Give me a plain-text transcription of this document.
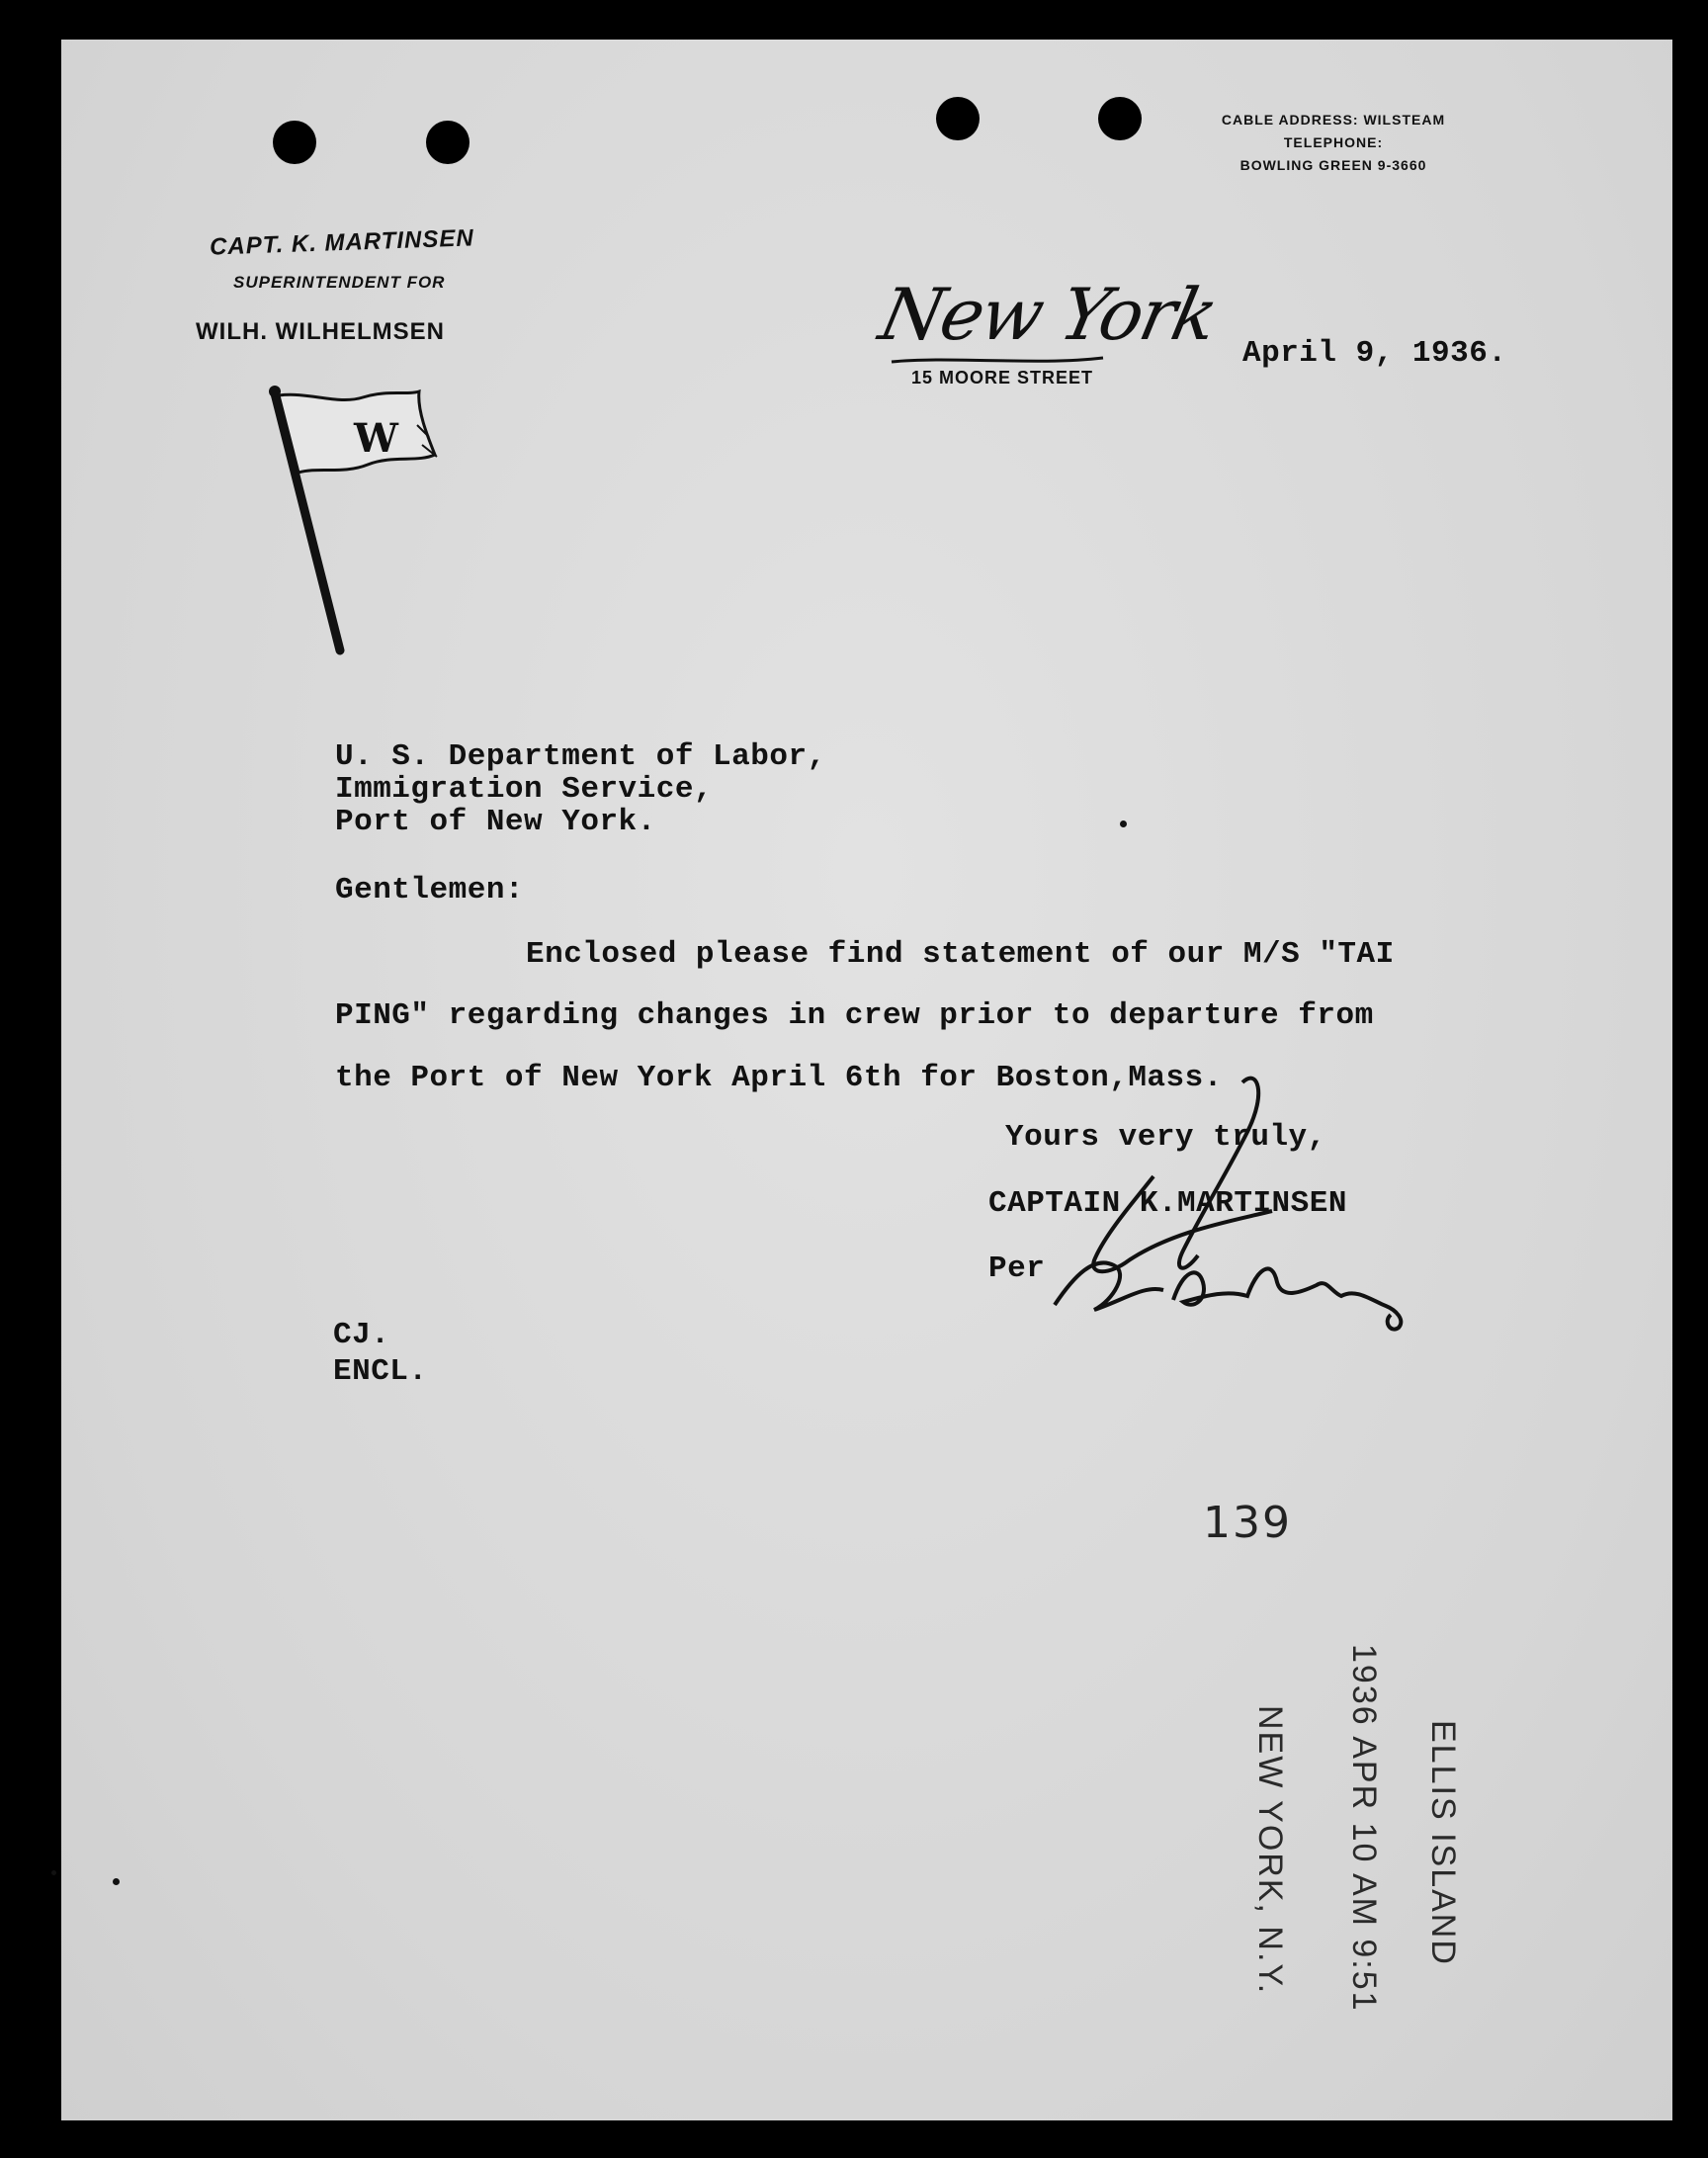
CABLE ADDRESS: WILSTEAM
TELEPHONE:
BOWLING GREEN 9-3660
CAPT. K. MARTINSEN
SUPERINTENDENT FOR
WILH. WILHELMSEN
W
New York
15 MOORE STREET
April 9, 1936.
U. S. Department of Labor,
Immigration Service,
Port of New York.
Gentlemen:
Enclosed please find statement of our M/S "TAI
PING" regarding changes in crew prior to departure from
the Port of New York April 6th for Boston,Mass.
Yours very truly,
CAPTAIN K.MARTINSEN
Per
CJ.
ENCL.
139
ELLIS ISLAND
1936 APR 10 AM 9:51
NEW YORK, N.Y.
